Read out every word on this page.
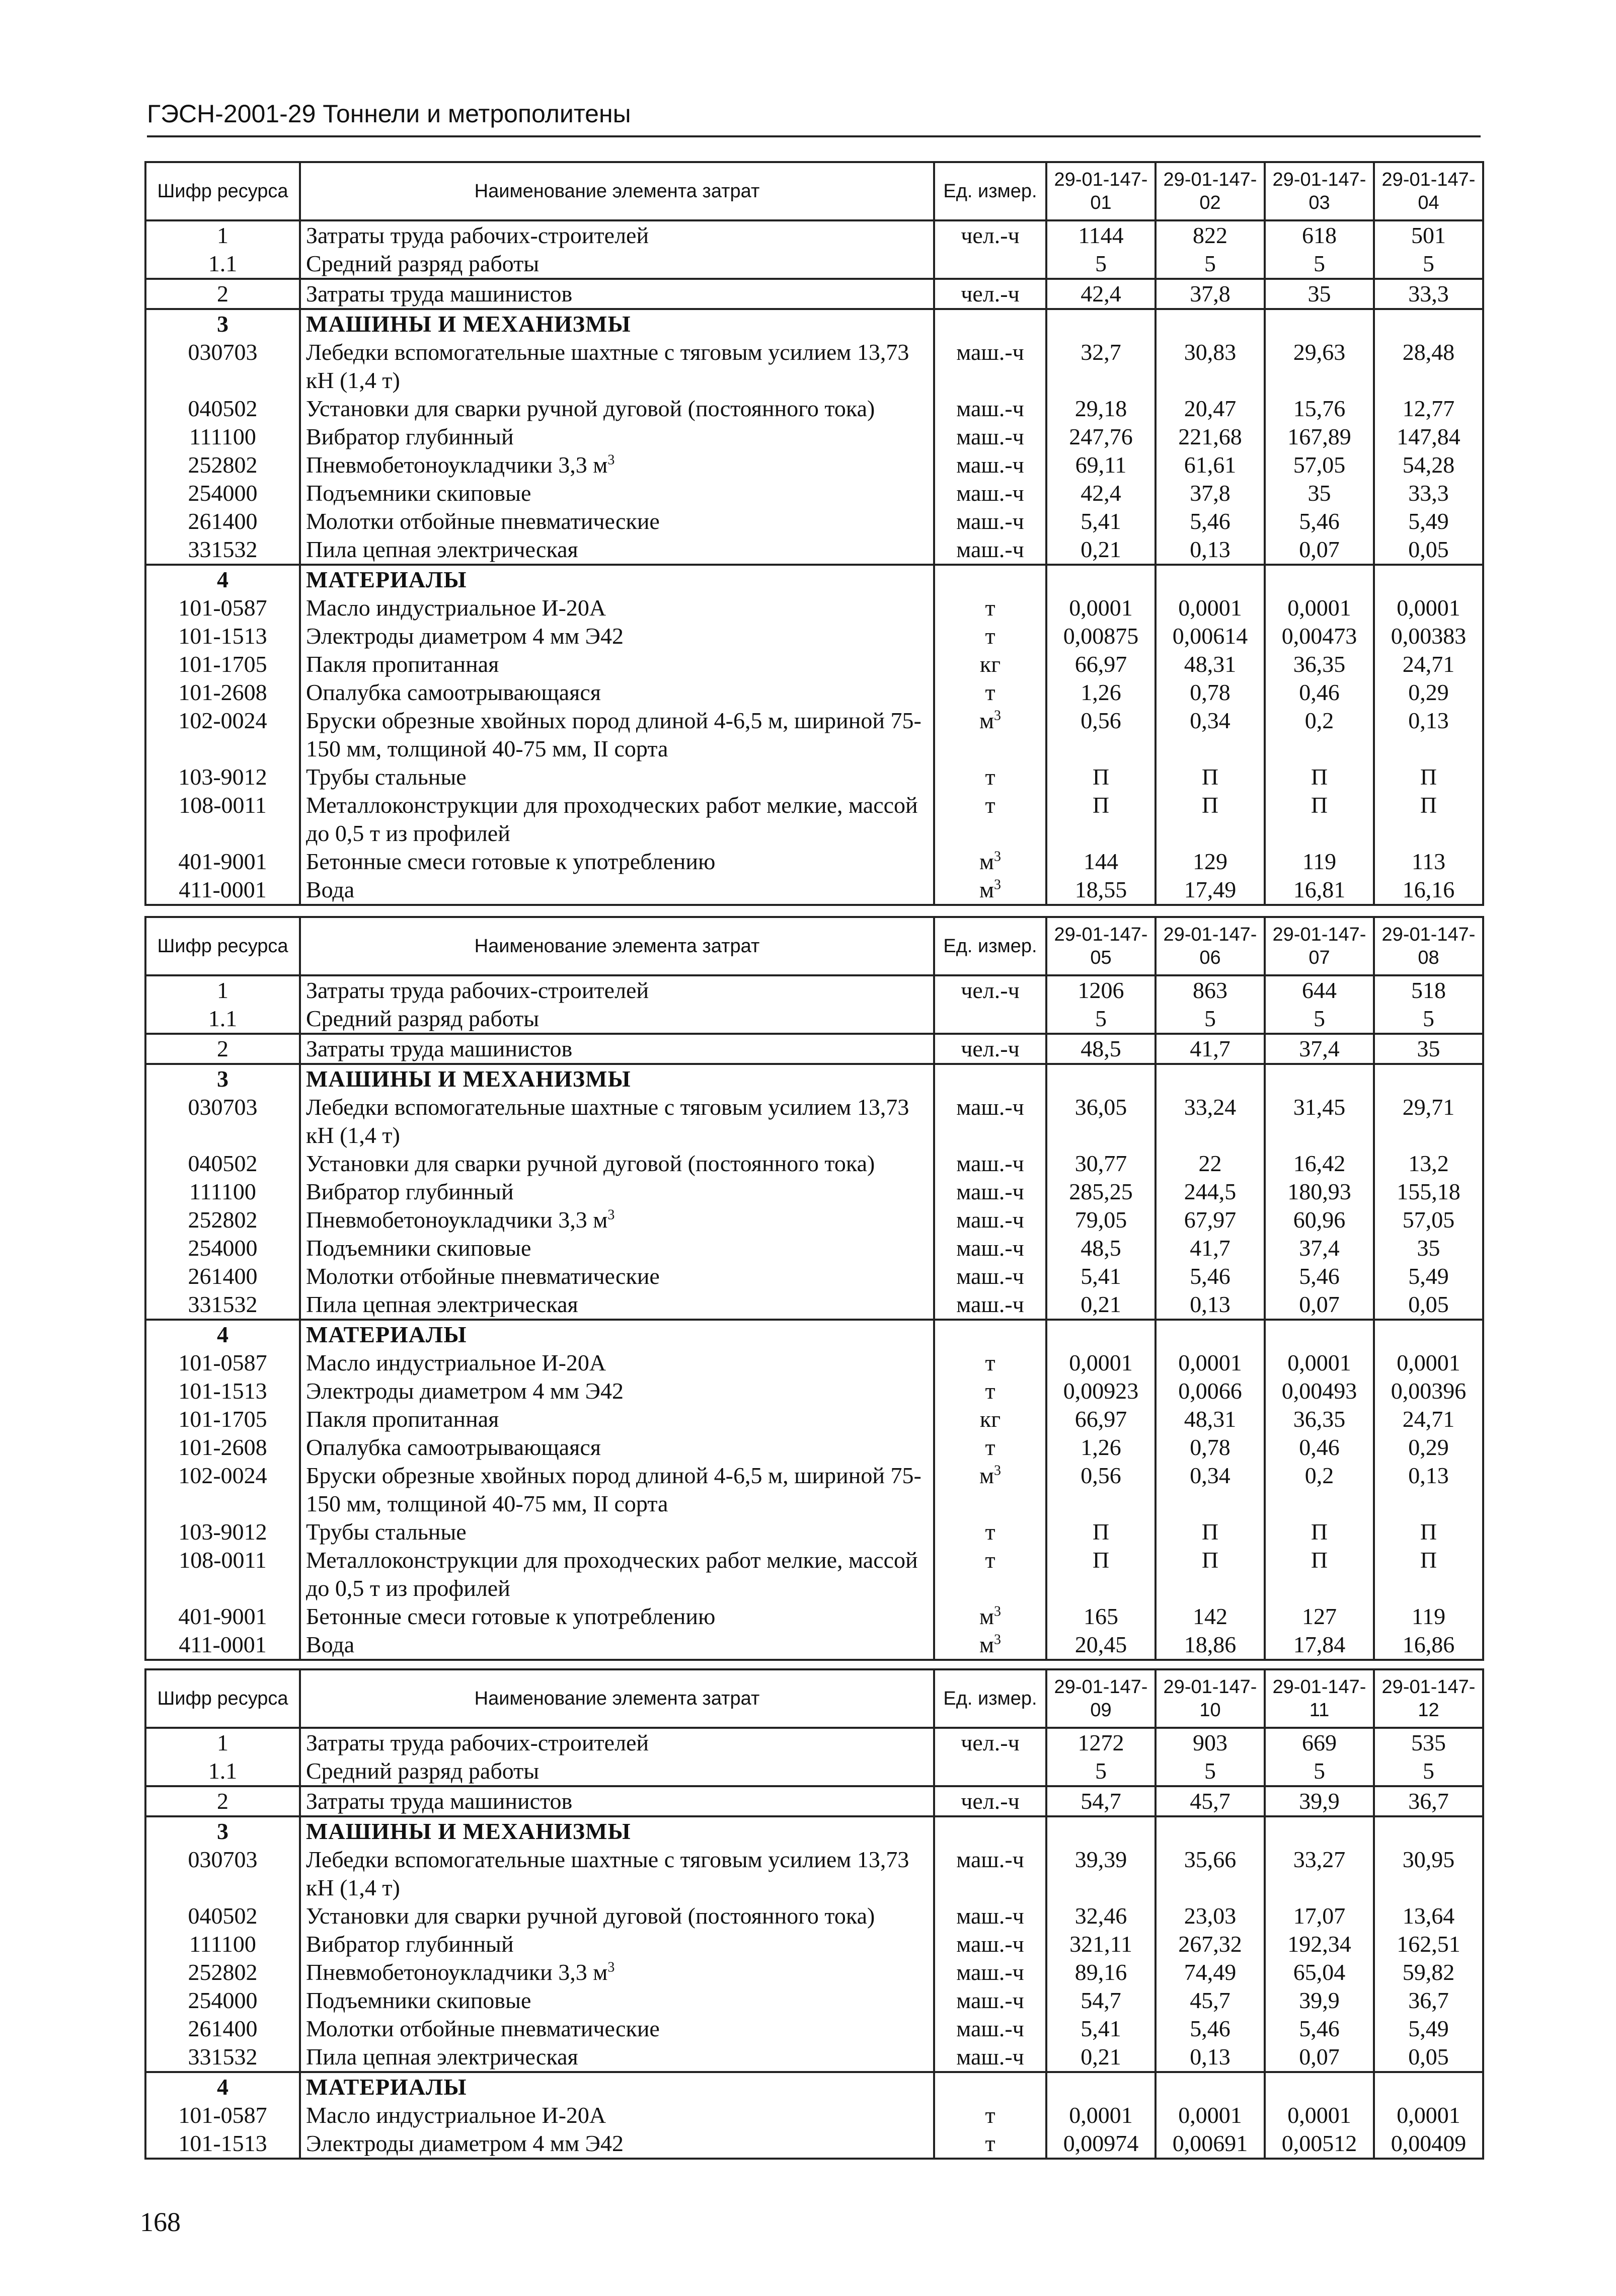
ГЭСН-2001-29 Тоннели и метрополитены
Шифр ресурса	Наименование элемента затрат	Ед. измер.	29-01-147-01	29-01-147-02	29-01-147-03	29-01-147-04
1	Затраты труда рабочих-строителей	чел.-ч	1144	822	618	501
1.1	Средний разряд работы		5	5	5	5
2	Затраты труда машинистов	чел.-ч	42,4	37,8	35	33,3
3	МАШИНЫ И МЕХАНИЗМЫ					
030703	Лебедки вспомогательные шахтные с тяговым усилием 13,73 кН (1,4 т)	маш.-ч	32,7	30,83	29,63	28,48
040502	Установки для сварки ручной дуговой (постоянного тока)	маш.-ч	29,18	20,47	15,76	12,77
111100	Вибратор глубинный	маш.-ч	247,76	221,68	167,89	147,84
252802	Пневмобетоноукладчики 3,3 $м^3$	маш.-ч	69,11	61,61	57,05	54,28
254000	Подъемники скиповые	маш.-ч	42,4	37,8	35	33,3
261400	Молотки отбойные пневматические	маш.-ч	5,41	5,46	5,46	5,49
331532	Пила цепная электрическая	маш.-ч	0,21	0,13	0,07	0,05
4	МАТЕРИАЛЫ					
101-0587	Масло индустриальное И-20А	т	0,0001	0,0001	0,0001	0,0001
101-1513	Электроды диаметром 4 мм Э42	т	0,00875	0,00614	0,00473	0,00383
101-1705	Пакля пропитанная	кг	66,97	48,31	36,35	24,71
101-2608	Опалубка самоотрывающаяся	т	1,26	0,78	0,46	0,29
102-0024	Бруски обрезные хвойных пород длиной 4-6,5 м, шириной 75-150 мм, толщиной 40-75 мм, II сорта	$м^3$	0,56	0,34	0,2	0,13
103-9012	Трубы стальные	т	П	П	П	П
108-0011	Металлоконструкции для проходческих работ мелкие, массой до 0,5 т из профилей	т	П	П	П	П
401-9001	Бетонные смеси готовые к употреблению	$м^3$	144	129	119	113
411-0001	Вода	$м^3$	18,55	17,49	16,81	16,16
Шифр ресурса	Наименование элемента затрат	Ед. измер.	29-01-147-05	29-01-147-06	29-01-147-07	29-01-147-08
1	Затраты труда рабочих-строителей	чел.-ч	1206	863	644	518
1.1	Средний разряд работы		5	5	5	5
2	Затраты труда машинистов	чел.-ч	48,5	41,7	37,4	35
3	МАШИНЫ И МЕХАНИЗМЫ					
030703	Лебедки вспомогательные шахтные с тяговым усилием 13,73 кН (1,4 т)	маш.-ч	36,05	33,24	31,45	29,71
040502	Установки для сварки ручной дуговой (постоянного тока)	маш.-ч	30,77	22	16,42	13,2
111100	Вибратор глубинный	маш.-ч	285,25	244,5	180,93	155,18
252802	Пневмобетоноукладчики 3,3 $м^3$	маш.-ч	79,05	67,97	60,96	57,05
254000	Подъемники скиповые	маш.-ч	48,5	41,7	37,4	35
261400	Молотки отбойные пневматические	маш.-ч	5,41	5,46	5,46	5,49
331532	Пила цепная электрическая	маш.-ч	0,21	0,13	0,07	0,05
4	МАТЕРИАЛЫ					
101-0587	Масло индустриальное И-20А	т	0,0001	0,0001	0,0001	0,0001
101-1513	Электроды диаметром 4 мм Э42	т	0,00923	0,0066	0,00493	0,00396
101-1705	Пакля пропитанная	кг	66,97	48,31	36,35	24,71
101-2608	Опалубка самоотрывающаяся	т	1,26	0,78	0,46	0,29
102-0024	Бруски обрезные хвойных пород длиной 4-6,5 м, шириной 75-150 мм, толщиной 40-75 мм, II сорта	$м^3$	0,56	0,34	0,2	0,13
103-9012	Трубы стальные	т	П	П	П	П
108-0011	Металлоконструкции для проходческих работ мелкие, массой до 0,5 т из профилей	т	П	П	П	П
401-9001	Бетонные смеси готовые к употреблению	$м^3$	165	142	127	119
411-0001	Вода	$м^3$	20,45	18,86	17,84	16,86
Шифр ресурса	Наименование элемента затрат	Ед. измер.	29-01-147-09	29-01-147-10	29-01-147-11	29-01-147-12
1	Затраты труда рабочих-строителей	чел.-ч	1272	903	669	535
1.1	Средний разряд работы		5	5	5	5
2	Затраты труда машинистов	чел.-ч	54,7	45,7	39,9	36,7
3	МАШИНЫ И МЕХАНИЗМЫ					
030703	Лебедки вспомогательные шахтные с тяговым усилием 13,73 кН (1,4 т)	маш.-ч	39,39	35,66	33,27	30,95
040502	Установки для сварки ручной дуговой (постоянного тока)	маш.-ч	32,46	23,03	17,07	13,64
111100	Вибратор глубинный	маш.-ч	321,11	267,32	192,34	162,51
252802	Пневмобетоноукладчики 3,3 $м^3$	маш.-ч	89,16	74,49	65,04	59,82
254000	Подъемники скиповые	маш.-ч	54,7	45,7	39,9	36,7
261400	Молотки отбойные пневматические	маш.-ч	5,41	5,46	5,46	5,49
331532	Пила цепная электрическая	маш.-ч	0,21	0,13	0,07	0,05
4	МАТЕРИАЛЫ					
101-0587	Масло индустриальное И-20А	т	0,0001	0,0001	0,0001	0,0001
101-1513	Электроды диаметром 4 мм Э42	т	0,00974	0,00691	0,00512	0,00409
168
